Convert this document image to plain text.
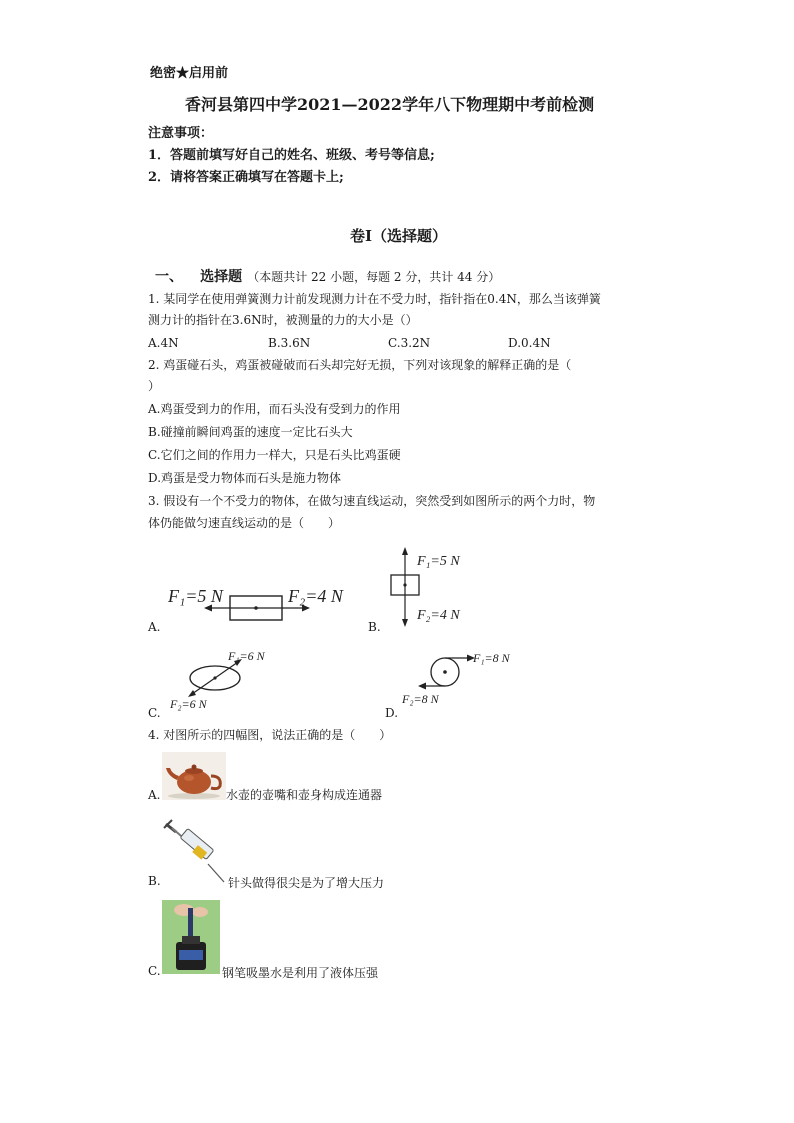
绝密★启用前
香河县第四中学2021—2022学年八下物理期中考前检测
注意事项：
1．答题前填写好自己的姓名、班级、考号等信息;
2．请将答案正确填写在答题卡上;
卷I（选择题）
一、 选择题 （本题共计 22 小题，每题 2 分，共计 44 分）
1. 某同学在使用弹簧测力计前发现测力计在不受力时，指针指在0.4N，那么当该弹簧
测力计的指针在3.6N时，被测量的力的大小是（）
A.4N	B.3.6N	C.3.2N	D.0.4N
2. 鸡蛋碰石头，鸡蛋被碰破而石头却完好无损，下列对该现象的解释正确的是（
）
A.鸡蛋受到力的作用，而石头没有受到力的作用
B.碰撞前瞬间鸡蛋的速度一定比石头大
C.它们之间的作用力一样大，只是石头比鸡蛋硬
D.鸡蛋是受力物体而石头是施力物体
3. 假设有一个不受力的物体，在做匀速直线运动，突然受到如图所示的两个力时，物
体仍能做匀速直线运动的是（　　）
A.
F₁=5 N	F₂=4 N
B.
F₁=5 N
F₂=4 N
C.
F₁=6 N
F₂=6 N
D.
F₁=8 N
F₂=8 N
4. 对图所示的四幅图，说法正确的是（　　）
A.	水壶的壶嘴和壶身构成连通器
B.	针头做得很尖是为了增大压力
C.	钢笔吸墨水是利用了液体压强
